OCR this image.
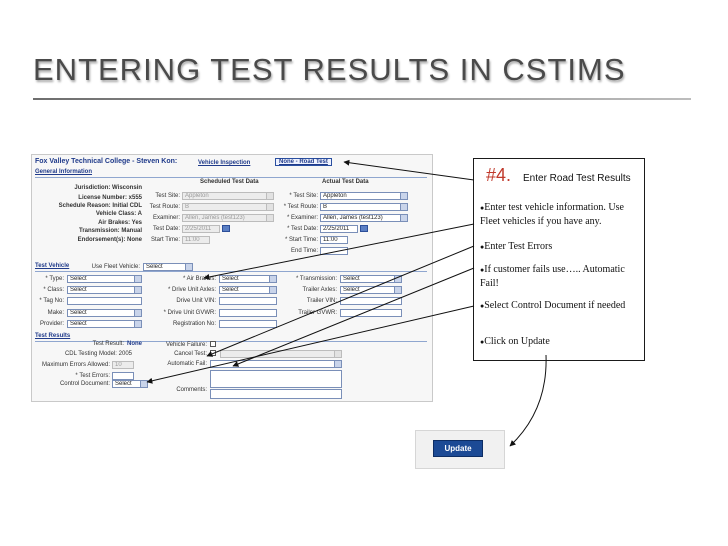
ENTERING TEST RESULTS IN CSTIMS
Fox Valley Technical College - Steven Kon:	Vehicle Inspection	None - Road Test
General Information
Scheduled Test Data	Actual Test Data
Jurisdiction: Wisconsin
License Number: x555
Schedule Reason: Initial CDL
Vehicle Class: A
Air Brakes: Yes
Transmission: Manual
Endorsement(s): None
Test Site: Appleton
Test Route: B
Examiner: Allen, James (test123)
Test Date: 2/25/2011
Start Time: 11:00
* Test Site: Appleton
* Test Route: B
* Examiner: Allen, James (test123)
* Test Date: 2/25/2011
* Start Time: 11:00
End Time:
Test Vehicle	Use Fleet Vehicle:	Select
* Type:	Select
* Class:	Select
* Tag No:
Make:	Select
Provider:	Select
* Air Brakes:	Select
* Drive Unit Axles:	Select
Drive Unit VIN:
* Drive Unit GVWR:
Registration No:
* Transmission:	Select
Trailer Axles:	Select
Trailer VIN:
Trailer GVWR:
Test Results
Test Result: None
CDL Testing Model: 2005
Maximum Errors Allowed: 10
* Test Errors:
Control Document: Select
Vehicle Failure:
Cancel Test:
Automatic Fail:
Comments:
#4. Enter Road Test Results
●Enter test vehicle information. Use Fleet vehicles if you have any.
●Enter Test Errors
●If customer fails use….. Automatic Fail!
●Select Control Document if needed
●Click on Update
Update
